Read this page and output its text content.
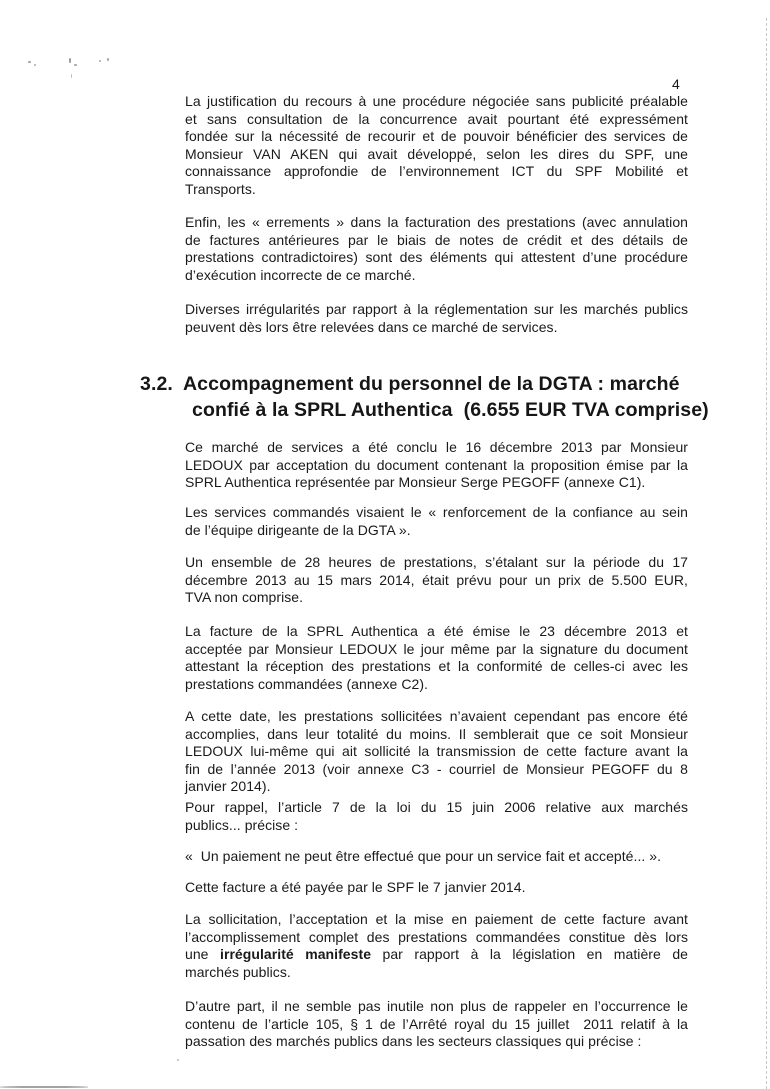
4
3.2. Accompagnement du personnel de la DGTA : marché
confié à la SPRL Authentica  (6.655 EUR TVA comprise)
La justification du recours à une procédure négociée sans publicité préalable
et sans consultation de la concurrence avait pourtant été expressément
fondée sur la nécessité de recourir et de pouvoir bénéficier des services de
Monsieur VAN AKEN qui avait développé, selon les dires du SPF, une
connaissance approfondie de l’environnement ICT du SPF Mobilité et
Transports.
Enfin, les « errements » dans la facturation des prestations (avec annulation
de factures antérieures par le biais de notes de crédit et des détails de
prestations contradictoires) sont des éléments qui attestent d’une procédure
d’exécution incorrecte de ce marché.
Diverses irrégularités par rapport à la réglementation sur les marchés publics
peuvent dès lors être relevées dans ce marché de services.
Ce marché de services a été conclu le 16 décembre 2013 par Monsieur
LEDOUX par acceptation du document contenant la proposition émise par la
SPRL Authentica représentée par Monsieur Serge PEGOFF (annexe C1).
Les services commandés visaient le « renforcement de la confiance au sein
de l’équipe dirigeante de la DGTA ».
Un ensemble de 28 heures de prestations, s’étalant sur la période du 17
décembre 2013 au 15 mars 2014, était prévu pour un prix de 5.500 EUR,
TVA non comprise.
La facture de la SPRL Authentica a été émise le 23 décembre 2013 et
acceptée par Monsieur LEDOUX le jour même par la signature du document
attestant la réception des prestations et la conformité de celles-ci avec les
prestations commandées (annexe C2).
A cette date, les prestations sollicitées n’avaient cependant pas encore été
accomplies, dans leur totalité du moins. Il semblerait que ce soit Monsieur
LEDOUX lui-même qui ait sollicité la transmission de cette facture avant la
fin de l’année 2013 (voir annexe C3 - courriel de Monsieur PEGOFF du 8
janvier 2014).
Pour rappel, l’article 7 de la loi du 15 juin 2006 relative aux marchés
publics... précise :
«  Un paiement ne peut être effectué que pour un service fait et accepté... ».
Cette facture a été payée par le SPF le 7 janvier 2014.
La sollicitation, l’acceptation et la mise en paiement de cette facture avant
l’accomplissement complet des prestations commandées constitue dès lors
une irrégularité manifeste par rapport à la législation en matière de
marchés publics.
D’autre part, il ne semble pas inutile non plus de rappeler en l’occurrence le
contenu de l’article 105, § 1 de l’Arrêté royal du 15 juillet  2011 relatif à la
passation des marchés publics dans les secteurs classiques qui précise :
